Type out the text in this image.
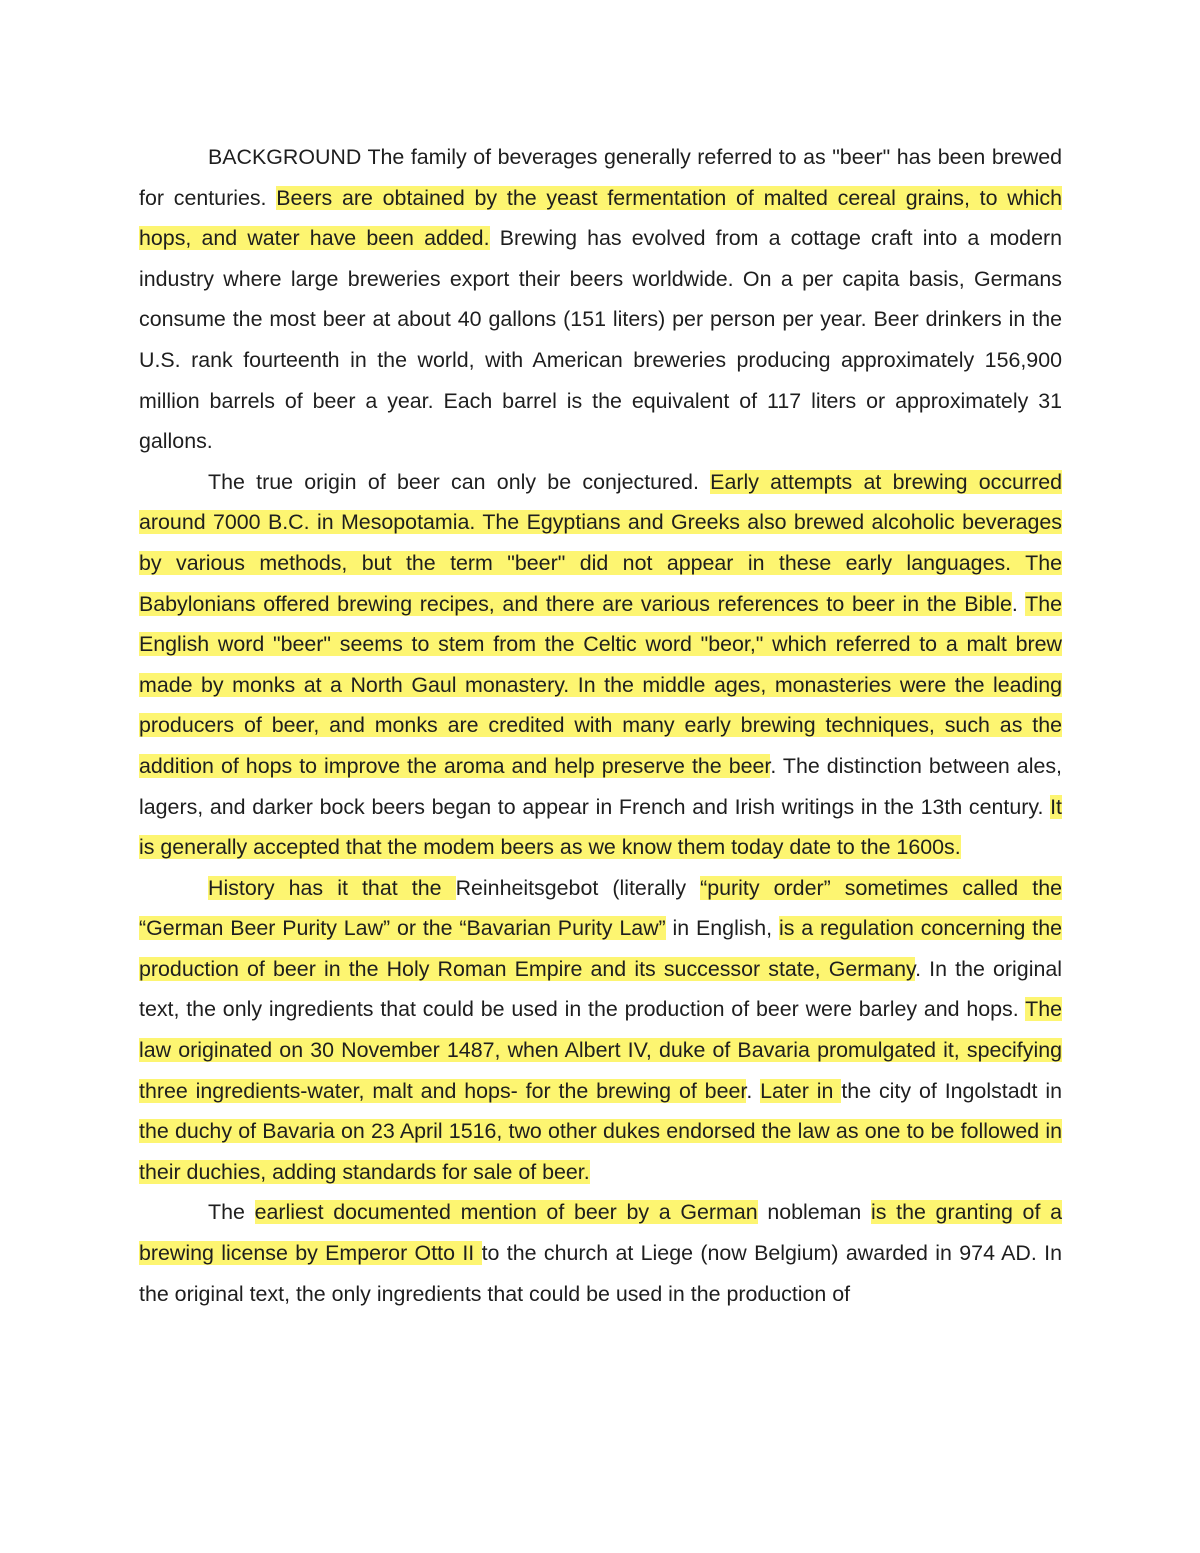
BACKGROUND The family of beverages generally referred to as "beer" has been brewed for centuries. Beers are obtained by the yeast fermentation of malted cereal grains, to which hops, and water have been added. Brewing has evolved from a cottage craft into a modern industry where large breweries export their beers worldwide. On a per capita basis, Germans consume the most beer at about 40 gallons (151 liters) per person per year. Beer drinkers in the U.S. rank fourteenth in the world, with American breweries producing approximately 156,900 million barrels of beer a year. Each barrel is the equivalent of 117 liters or approximately 31 gallons.

The true origin of beer can only be conjectured. Early attempts at brewing occurred around 7000 B.C. in Mesopotamia. The Egyptians and Greeks also brewed alcoholic beverages by various methods, but the term "beer" did not appear in these early languages. The Babylonians offered brewing recipes, and there are various references to beer in the Bible. The English word "beer" seems to stem from the Celtic word "beor," which referred to a malt brew made by monks at a North Gaul monastery. In the middle ages, monasteries were the leading producers of beer, and monks are credited with many early brewing techniques, such as the addition of hops to improve the aroma and help preserve the beer. The distinction between ales, lagers, and darker bock beers began to appear in French and Irish writings in the 13th century. It is generally accepted that the modem beers as we know them today date to the 1600s.

History has it that the Reinheitsgebot (literally “purity order” sometimes called the “German Beer Purity Law” or the “Bavarian Purity Law” in English, is a regulation concerning the production of beer in the Holy Roman Empire and its successor state, Germany. In the original text, the only ingredients that could be used in the production of beer were barley and hops. The law originated on 30 November 1487, when Albert IV, duke of Bavaria promulgated it, specifying three ingredients-water, malt and hops- for the brewing of beer. Later in the city of Ingolstadt in the duchy of Bavaria on 23 April 1516, two other dukes endorsed the law as one to be followed in their duchies, adding standards for sale of beer.

The earliest documented mention of beer by a German nobleman is the granting of a brewing license by Emperor Otto II to the church at Liege (now Belgium) awarded in 974 AD. In the original text, the only ingredients that could be used in the production of
